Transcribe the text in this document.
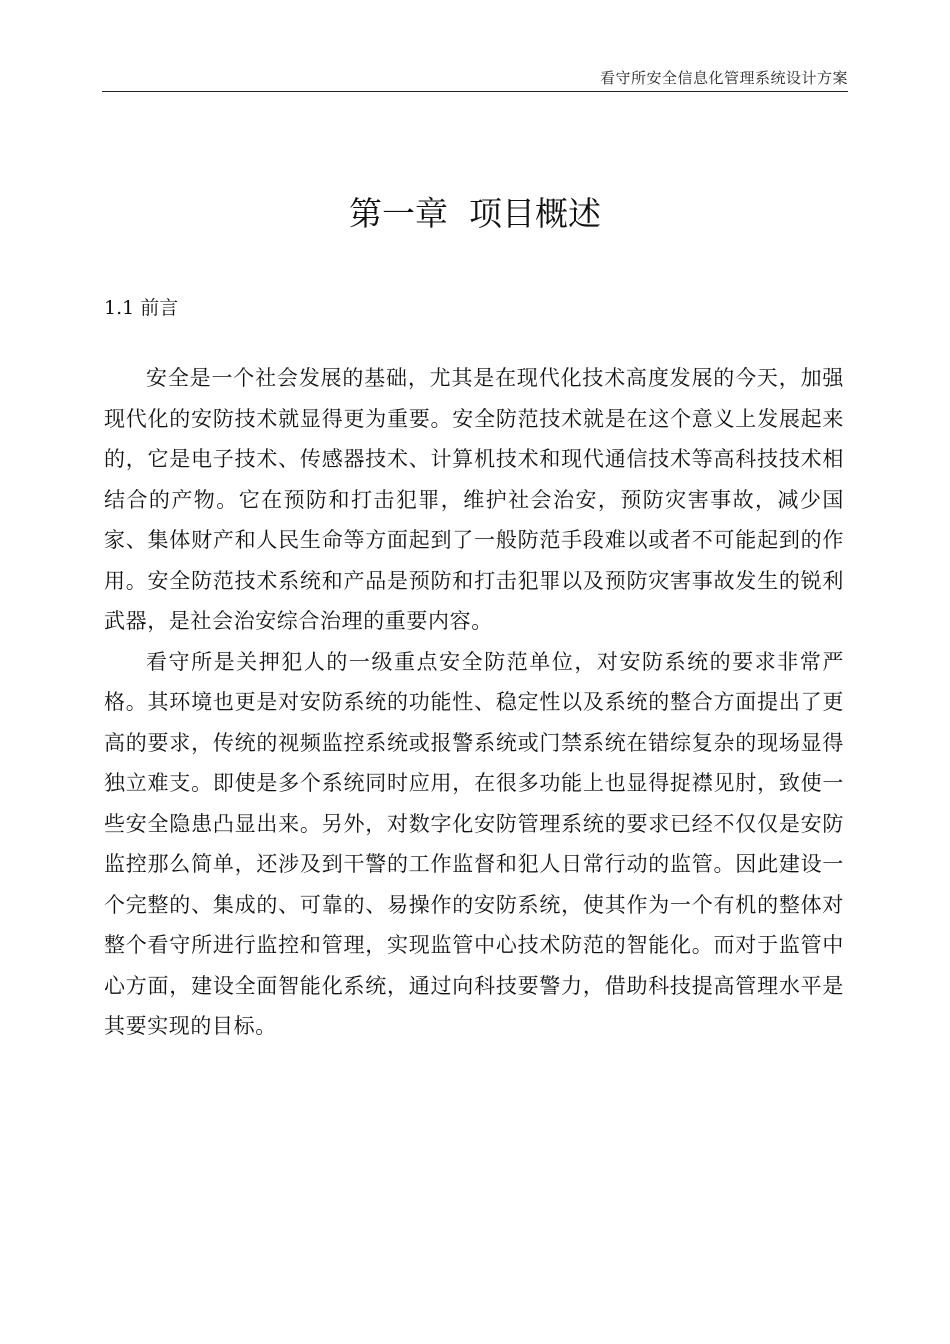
看守所安全信息化管理系统设计方案
第一章  项目概述
1.1 前言

安全是一个社会发展的基础，尤其是在现代化技术高度发展的今天，加强现代化的安防技术就显得更为重要。安全防范技术就是在这个意义上发展起来的，它是电子技术、传感器技术、计算机技术和现代通信技术等高科技技术相结合的产物。它在预防和打击犯罪，维护社会治安，预防灾害事故，减少国家、集体财产和人民生命等方面起到了一般防范手段难以或者不可能起到的作用。安全防范技术系统和产品是预防和打击犯罪以及预防灾害事故发生的锐利武器，是社会治安综合治理的重要内容。

看守所是关押犯人的一级重点安全防范单位，对安防系统的要求非常严格。其环境也更是对安防系统的功能性、稳定性以及系统的整合方面提出了更高的要求，传统的视频监控系统或报警系统或门禁系统在错综复杂的现场显得独立难支。即使是多个系统同时应用，在很多功能上也显得捉襟见肘，致使一些安全隐患凸显出来。另外，对数字化安防管理系统的要求已经不仅仅是安防监控那么简单，还涉及到干警的工作监督和犯人日常行动的监管。因此建设一个完整的、集成的、可靠的、易操作的安防系统，使其作为一个有机的整体对整个看守所进行监控和管理，实现监管中心技术防范的智能化。而对于监管中心方面，建设全面智能化系统，通过向科技要警力，借助科技提高管理水平是其要实现的目标。
